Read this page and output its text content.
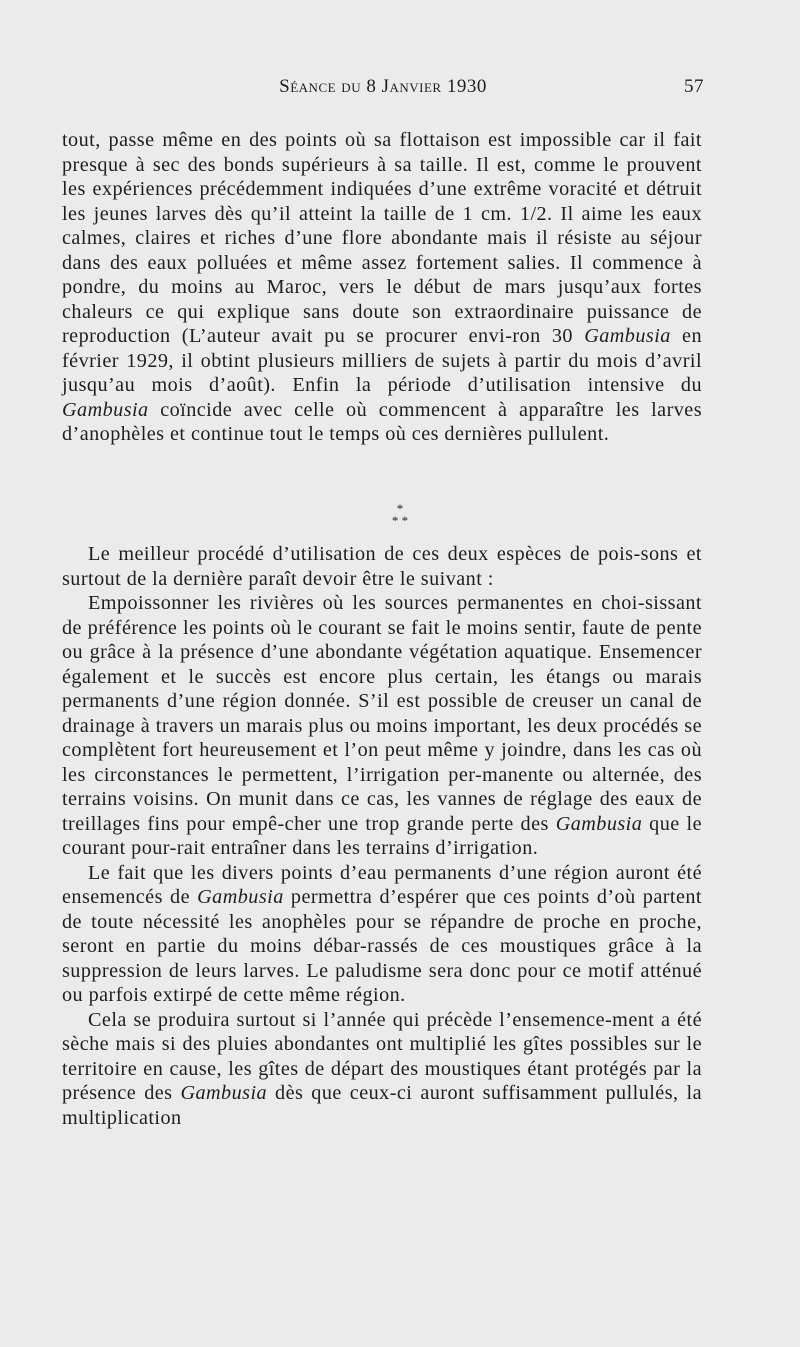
Séance du 8 Janvier 1930	57

tout, passe même en des points où sa flottaison est impossible car il fait presque à sec des bonds supérieurs à sa taille. Il est, comme le prouvent les expériences précédemment indiquées d’une extrême voracité et détruit les jeunes larves dès qu’il atteint la taille de 1 cm. 1/2. Il aime les eaux calmes, claires et riches d’une flore abondante mais il résiste au séjour dans des eaux polluées et même assez fortement salies. Il commence à pondre, du moins au Maroc, vers le début de mars jusqu’aux fortes chaleurs ce qui explique sans doute son extraordinaire puissance de reproduction (L’auteur avait pu se procurer envi-ron 30 Gambusia en février 1929, il obtint plusieurs milliers de sujets à partir du mois d’avril jusqu’au mois d’août). Enfin la période d’utilisation intensive du Gambusia coïncide avec celle où commencent à apparaître les larves d’anophèles et continue tout le temps où ces dernières pullulent.

*
* *

Le meilleur procédé d’utilisation de ces deux espèces de pois-sons et surtout de la dernière paraît devoir être le suivant :

Empoissonner les rivières où les sources permanentes en choi-sissant de préférence les points où le courant se fait le moins sentir, faute de pente ou grâce à la présence d’une abondante végétation aquatique. Ensemencer également et le succès est encore plus certain, les étangs ou marais permanents d’une région donnée. S’il est possible de creuser un canal de drainage à travers un marais plus ou moins important, les deux procédés se complètent fort heureusement et l’on peut même y joindre, dans les cas où les circonstances le permettent, l’irrigation per-manente ou alternée, des terrains voisins. On munit dans ce cas, les vannes de réglage des eaux de treillages fins pour empê-cher une trop grande perte des Gambusia que le courant pour-rait entraîner dans les terrains d’irrigation.

Le fait que les divers points d’eau permanents d’une région auront été ensemencés de Gambusia permettra d’espérer que ces points d’où partent de toute nécessité les anophèles pour se répandre de proche en proche, seront en partie du moins débar-rassés de ces moustiques grâce à la suppression de leurs larves. Le paludisme sera donc pour ce motif atténué ou parfois extirpé de cette même région.

Cela se produira surtout si l’année qui précède l’ensemence-ment a été sèche mais si des pluies abondantes ont multiplié les gîtes possibles sur le territoire en cause, les gîtes de départ des moustiques étant protégés par la présence des Gambusia dès que ceux-ci auront suffisamment pullulés, la multiplication
